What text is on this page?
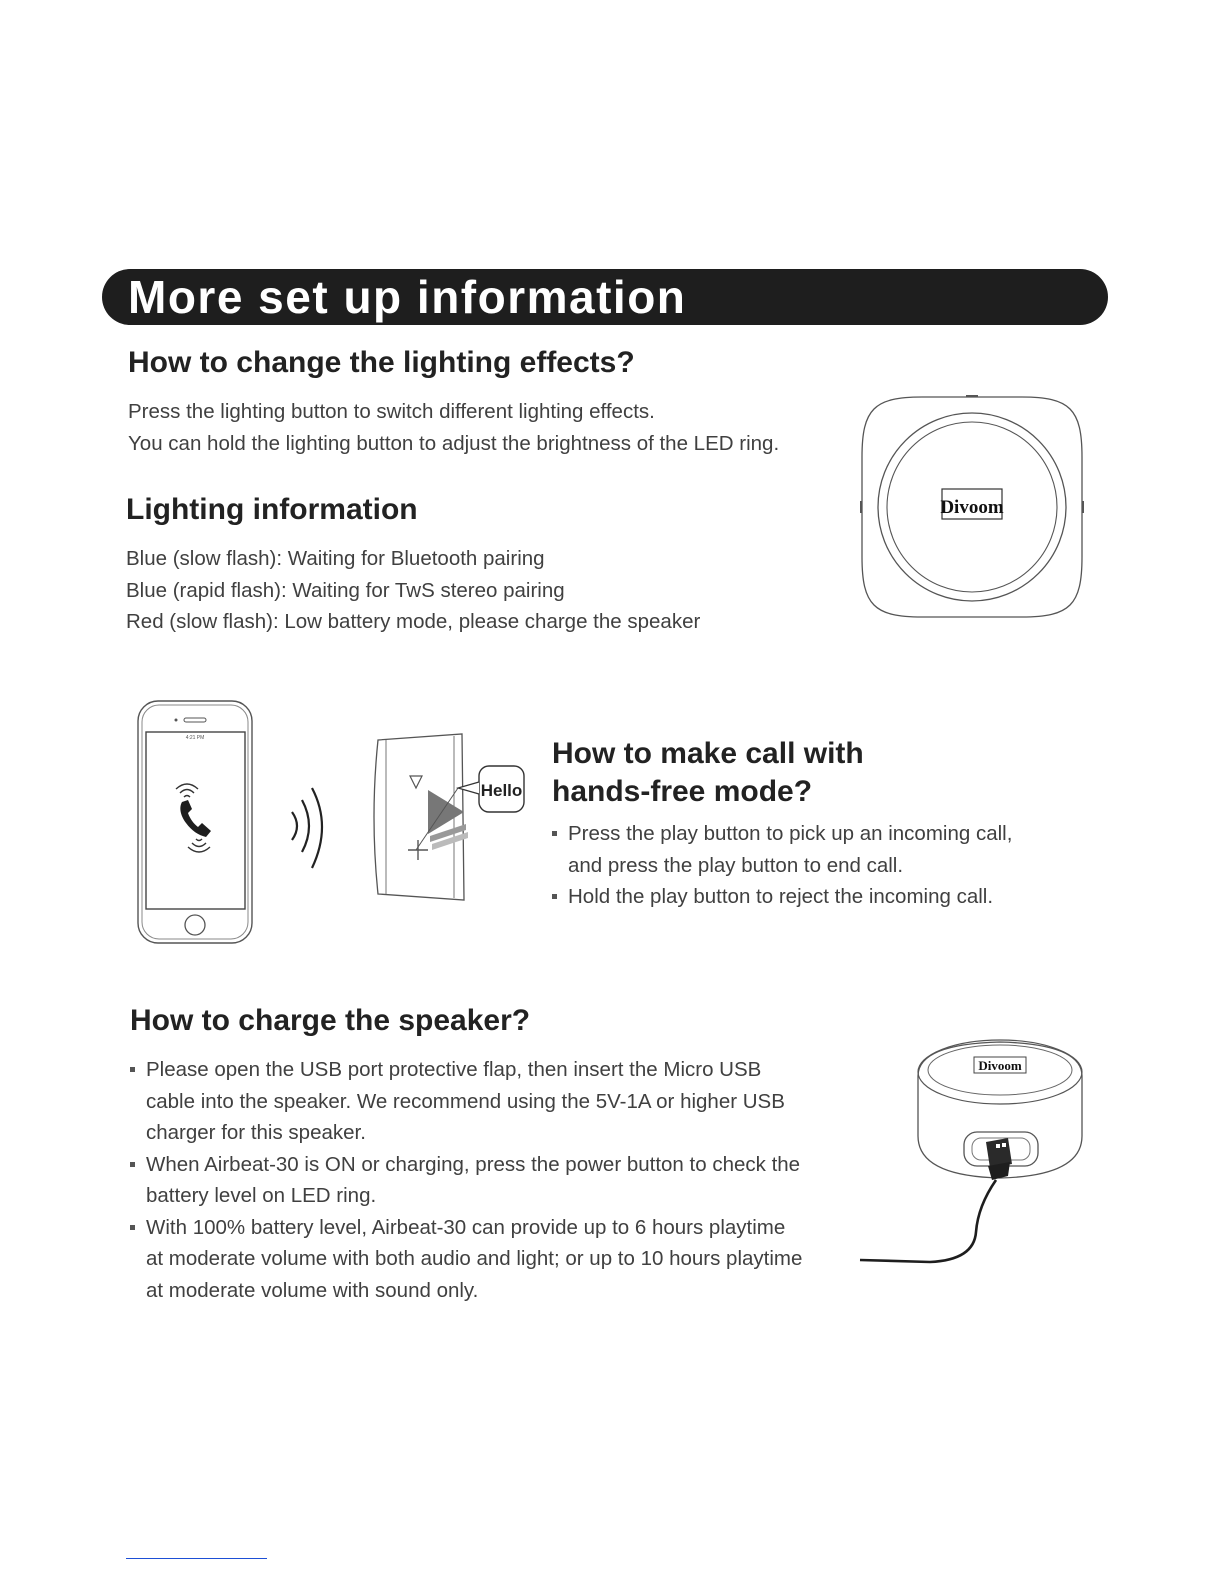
More set up information
How to change the lighting effects?
Press the lighting button to switch different lighting effects.
You can hold the lighting button to adjust the brightness of the LED ring.
Lighting information
Blue (slow flash): Waiting for Bluetooth pairing
Blue (rapid flash): Waiting for TwS stereo pairing
Red (slow flash): Low battery mode, please charge the speaker
Divoom
4:21 PM
Hello
How to make call with
hands-free mode?
Press the play button to pick up an incoming call,
and press the play button to end call.
Hold the play button to reject the incoming call.
How to charge the speaker?
Please open the USB port protective flap, then insert the Micro USB
cable into the speaker. We recommend using the 5V-1A or higher USB
charger for this speaker.
When Airbeat-30 is ON or charging, press the power button to check the
battery level on LED ring.
With 100% battery level, Airbeat-30 can provide up to 6 hours playtime
at moderate volume with both audio and light; or up to 10 hours playtime
at moderate volume with sound only.
Divoom
